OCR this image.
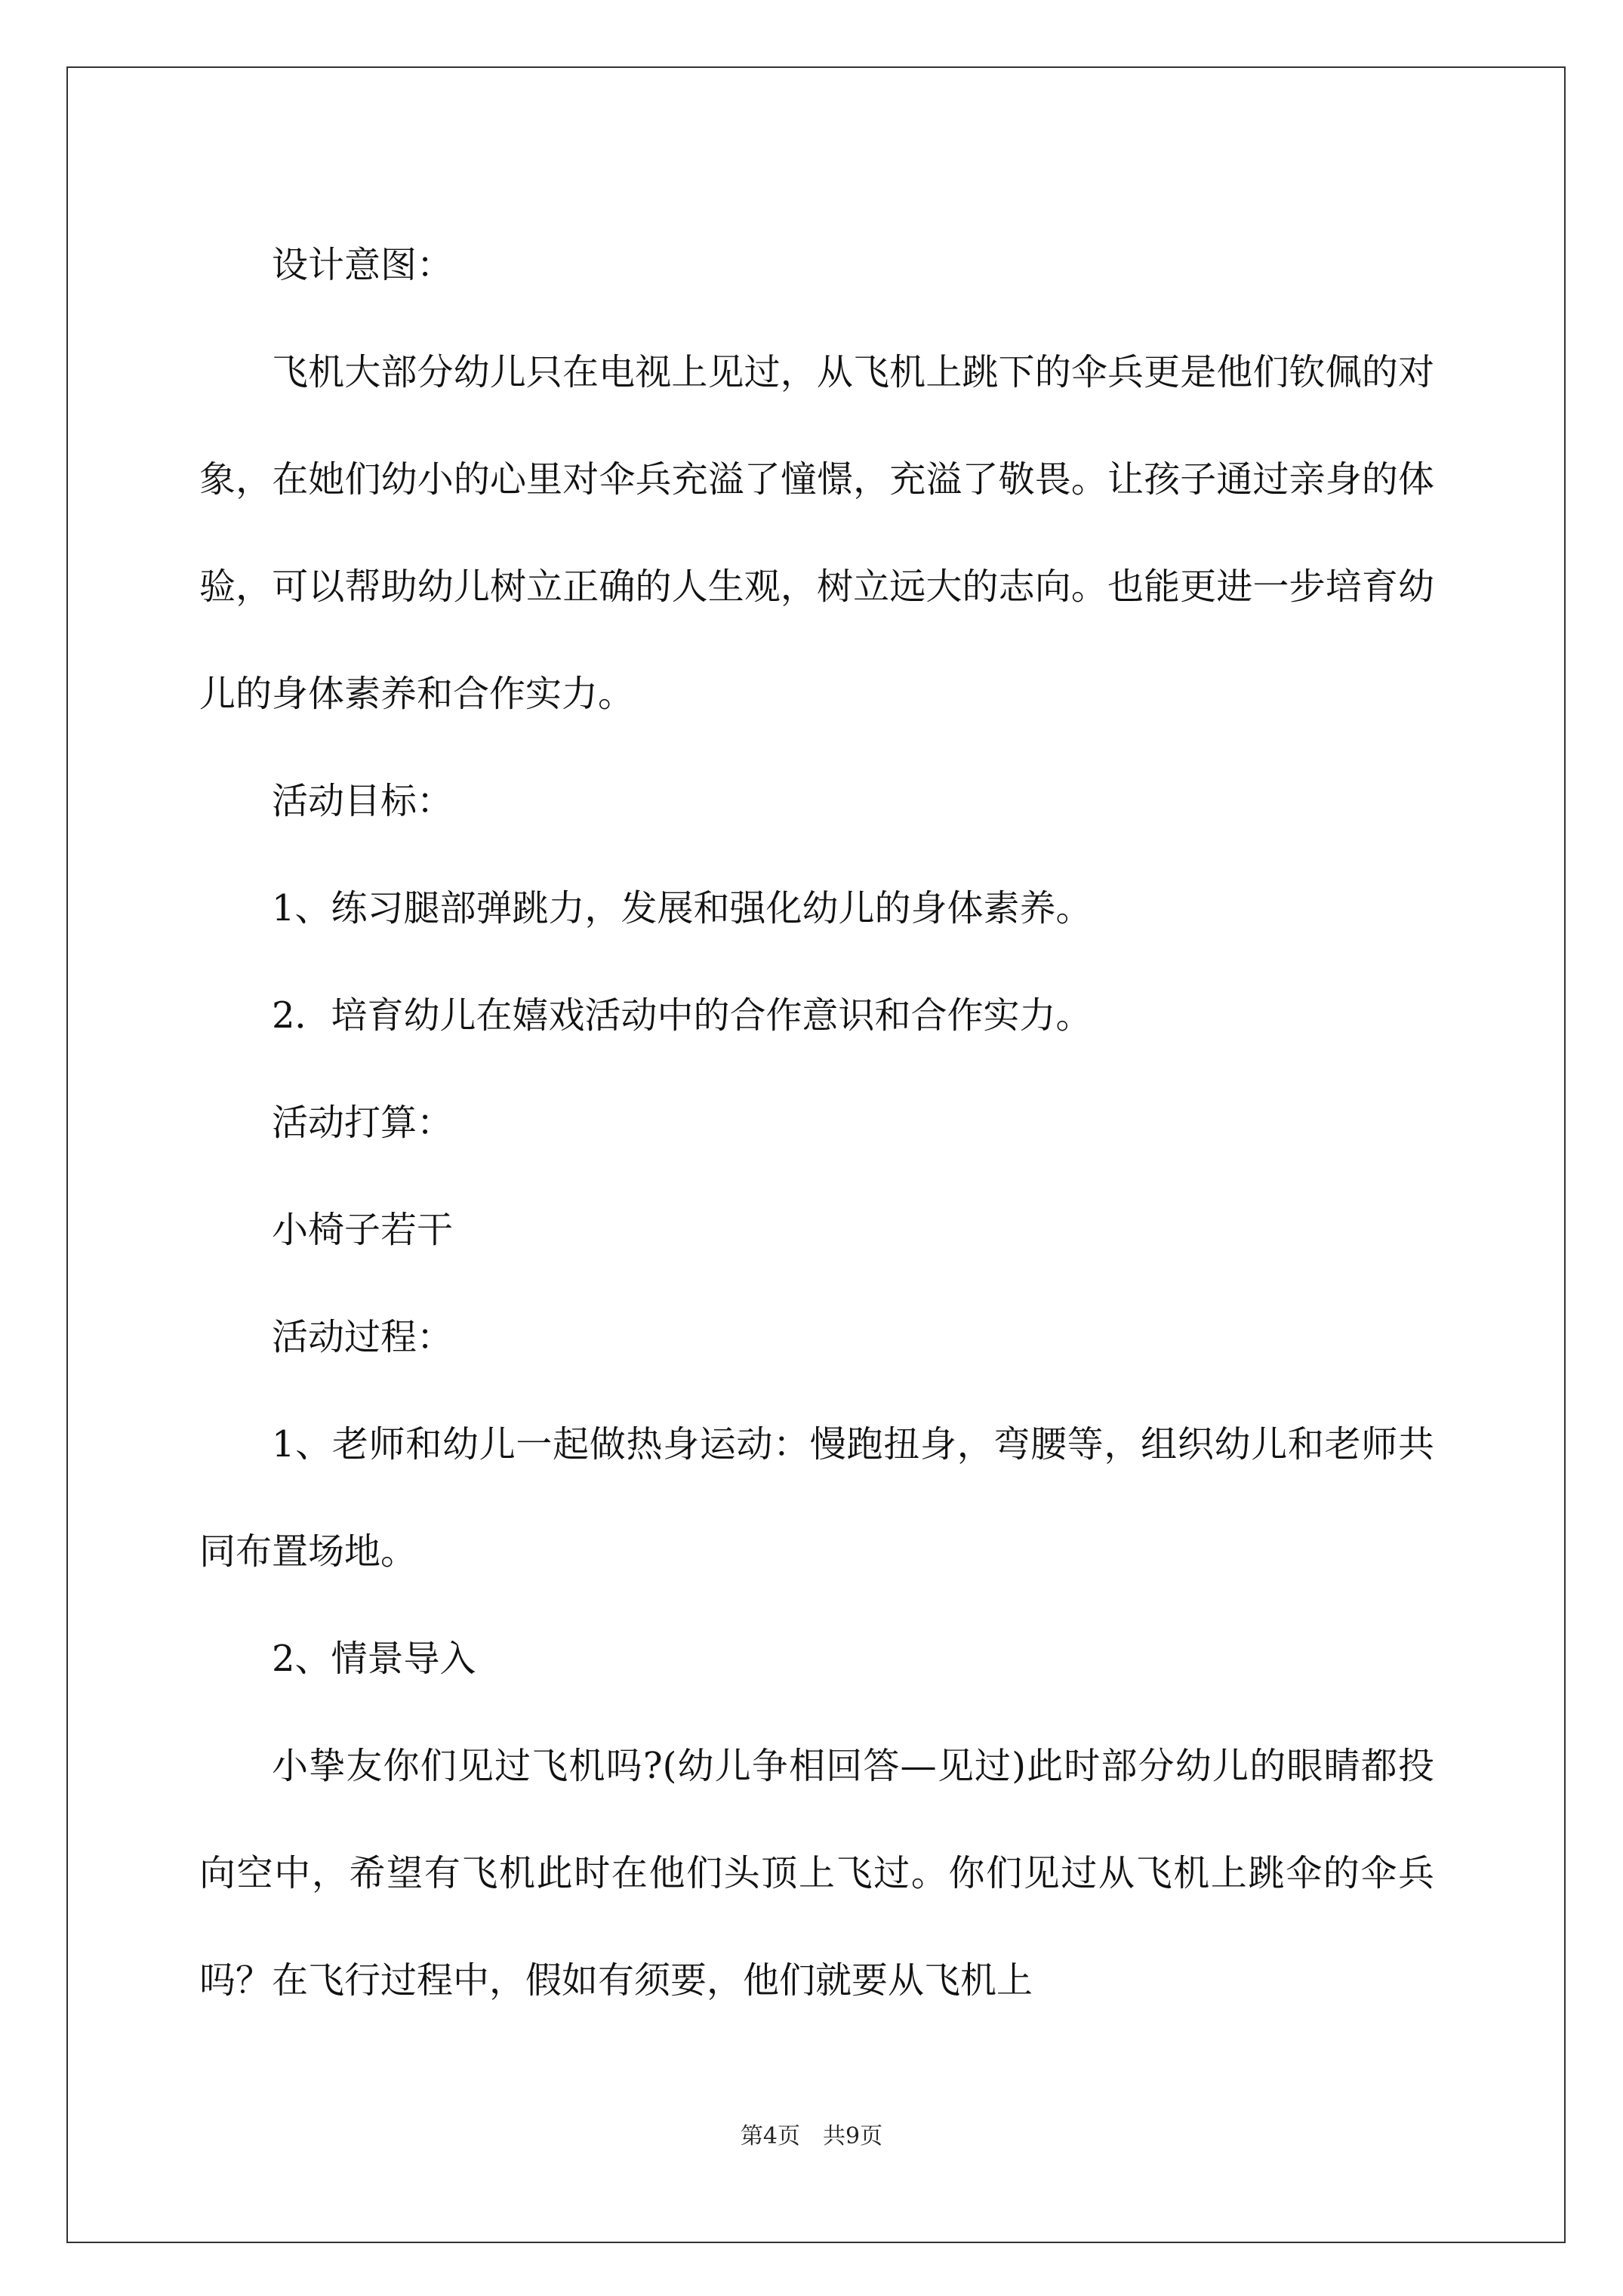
设计意图：

飞机大部分幼儿只在电视上见过，从飞机上跳下的伞兵更是他们钦佩的对象，在她们幼小的心里对伞兵充溢了憧憬，充溢了敬畏。让孩子通过亲身的体验，可以帮助幼儿树立正确的人生观，树立远大的志向。也能更进一步培育幼儿的身体素养和合作实力。

活动目标：

1、练习腿部弹跳力，发展和强化幼儿的身体素养。

2．培育幼儿在嬉戏活动中的合作意识和合作实力。

活动打算：

小椅子若干

活动过程：

1、老师和幼儿一起做热身运动：慢跑扭身，弯腰等，组织幼儿和老师共同布置场地。

2、情景导入

小挚友你们见过飞机吗?(幼儿争相回答—见过)此时部分幼儿的眼睛都投向空中，希望有飞机此时在他们头顶上飞过。你们见过从飞机上跳伞的伞兵吗？在飞行过程中，假如有须要，他们就要从飞机上

第4页　共9页
